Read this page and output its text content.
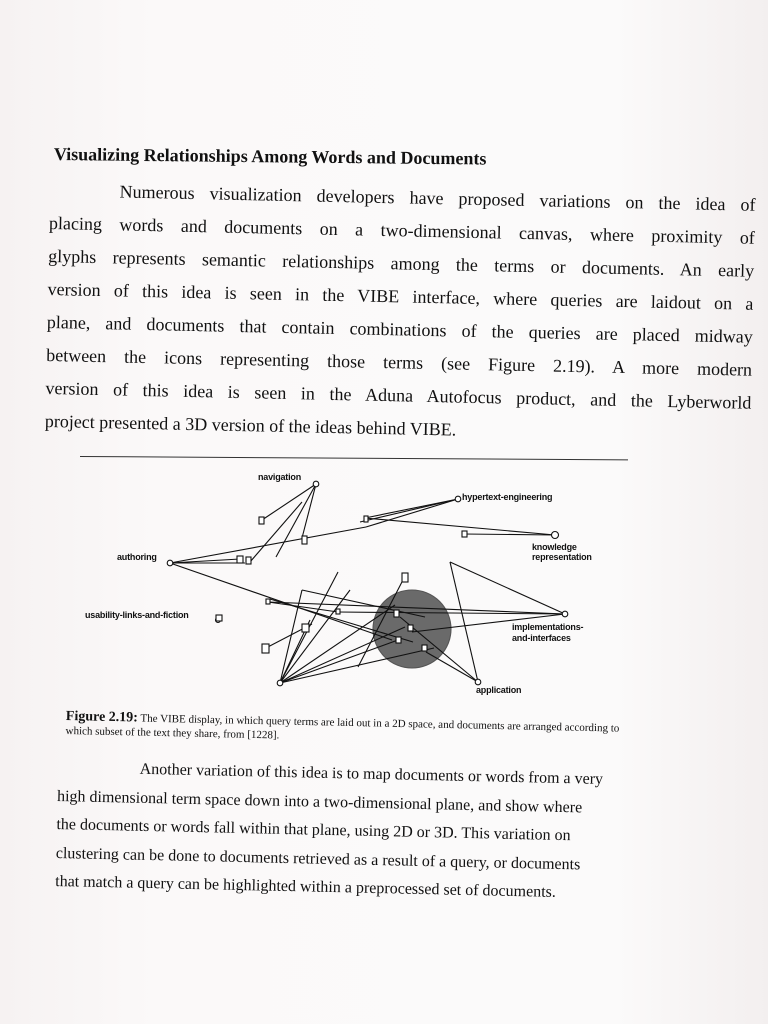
Visualizing Relationships Among Words and Documents
Numerous visualization developers have proposed variations on the idea of
placing words and documents on a two-dimensional canvas, where proximity of
glyphs represents semantic relationships among the terms or documents. An early
version of this idea is seen in the VIBE interface, where queries are laidout on a
plane, and documents that contain combinations of the queries are placed midway
between the icons representing those terms (see Figure 2.19). A more modern
version of this idea is seen in the Aduna Autofocus product, and the Lyberworld
project presented a 3D version of the ideas behind VIBE.
navigation
hypertext-engineering
knowledge
representation
authoring
usability-links-and-fiction
implementations-
and-interfaces
application
Figure 2.19: The VIBE display, in which query terms are laid out in a 2D space, and documents are arranged according to which subset of the text they share, from [1228].
Another variation of this idea is to map documents or words from a very
high dimensional term space down into a two-dimensional plane, and show where
the documents or words fall within that plane, using 2D or 3D. This variation on
clustering can be done to documents retrieved as a result of a query, or documents
that match a query can be highlighted within a preprocessed set of documents.
